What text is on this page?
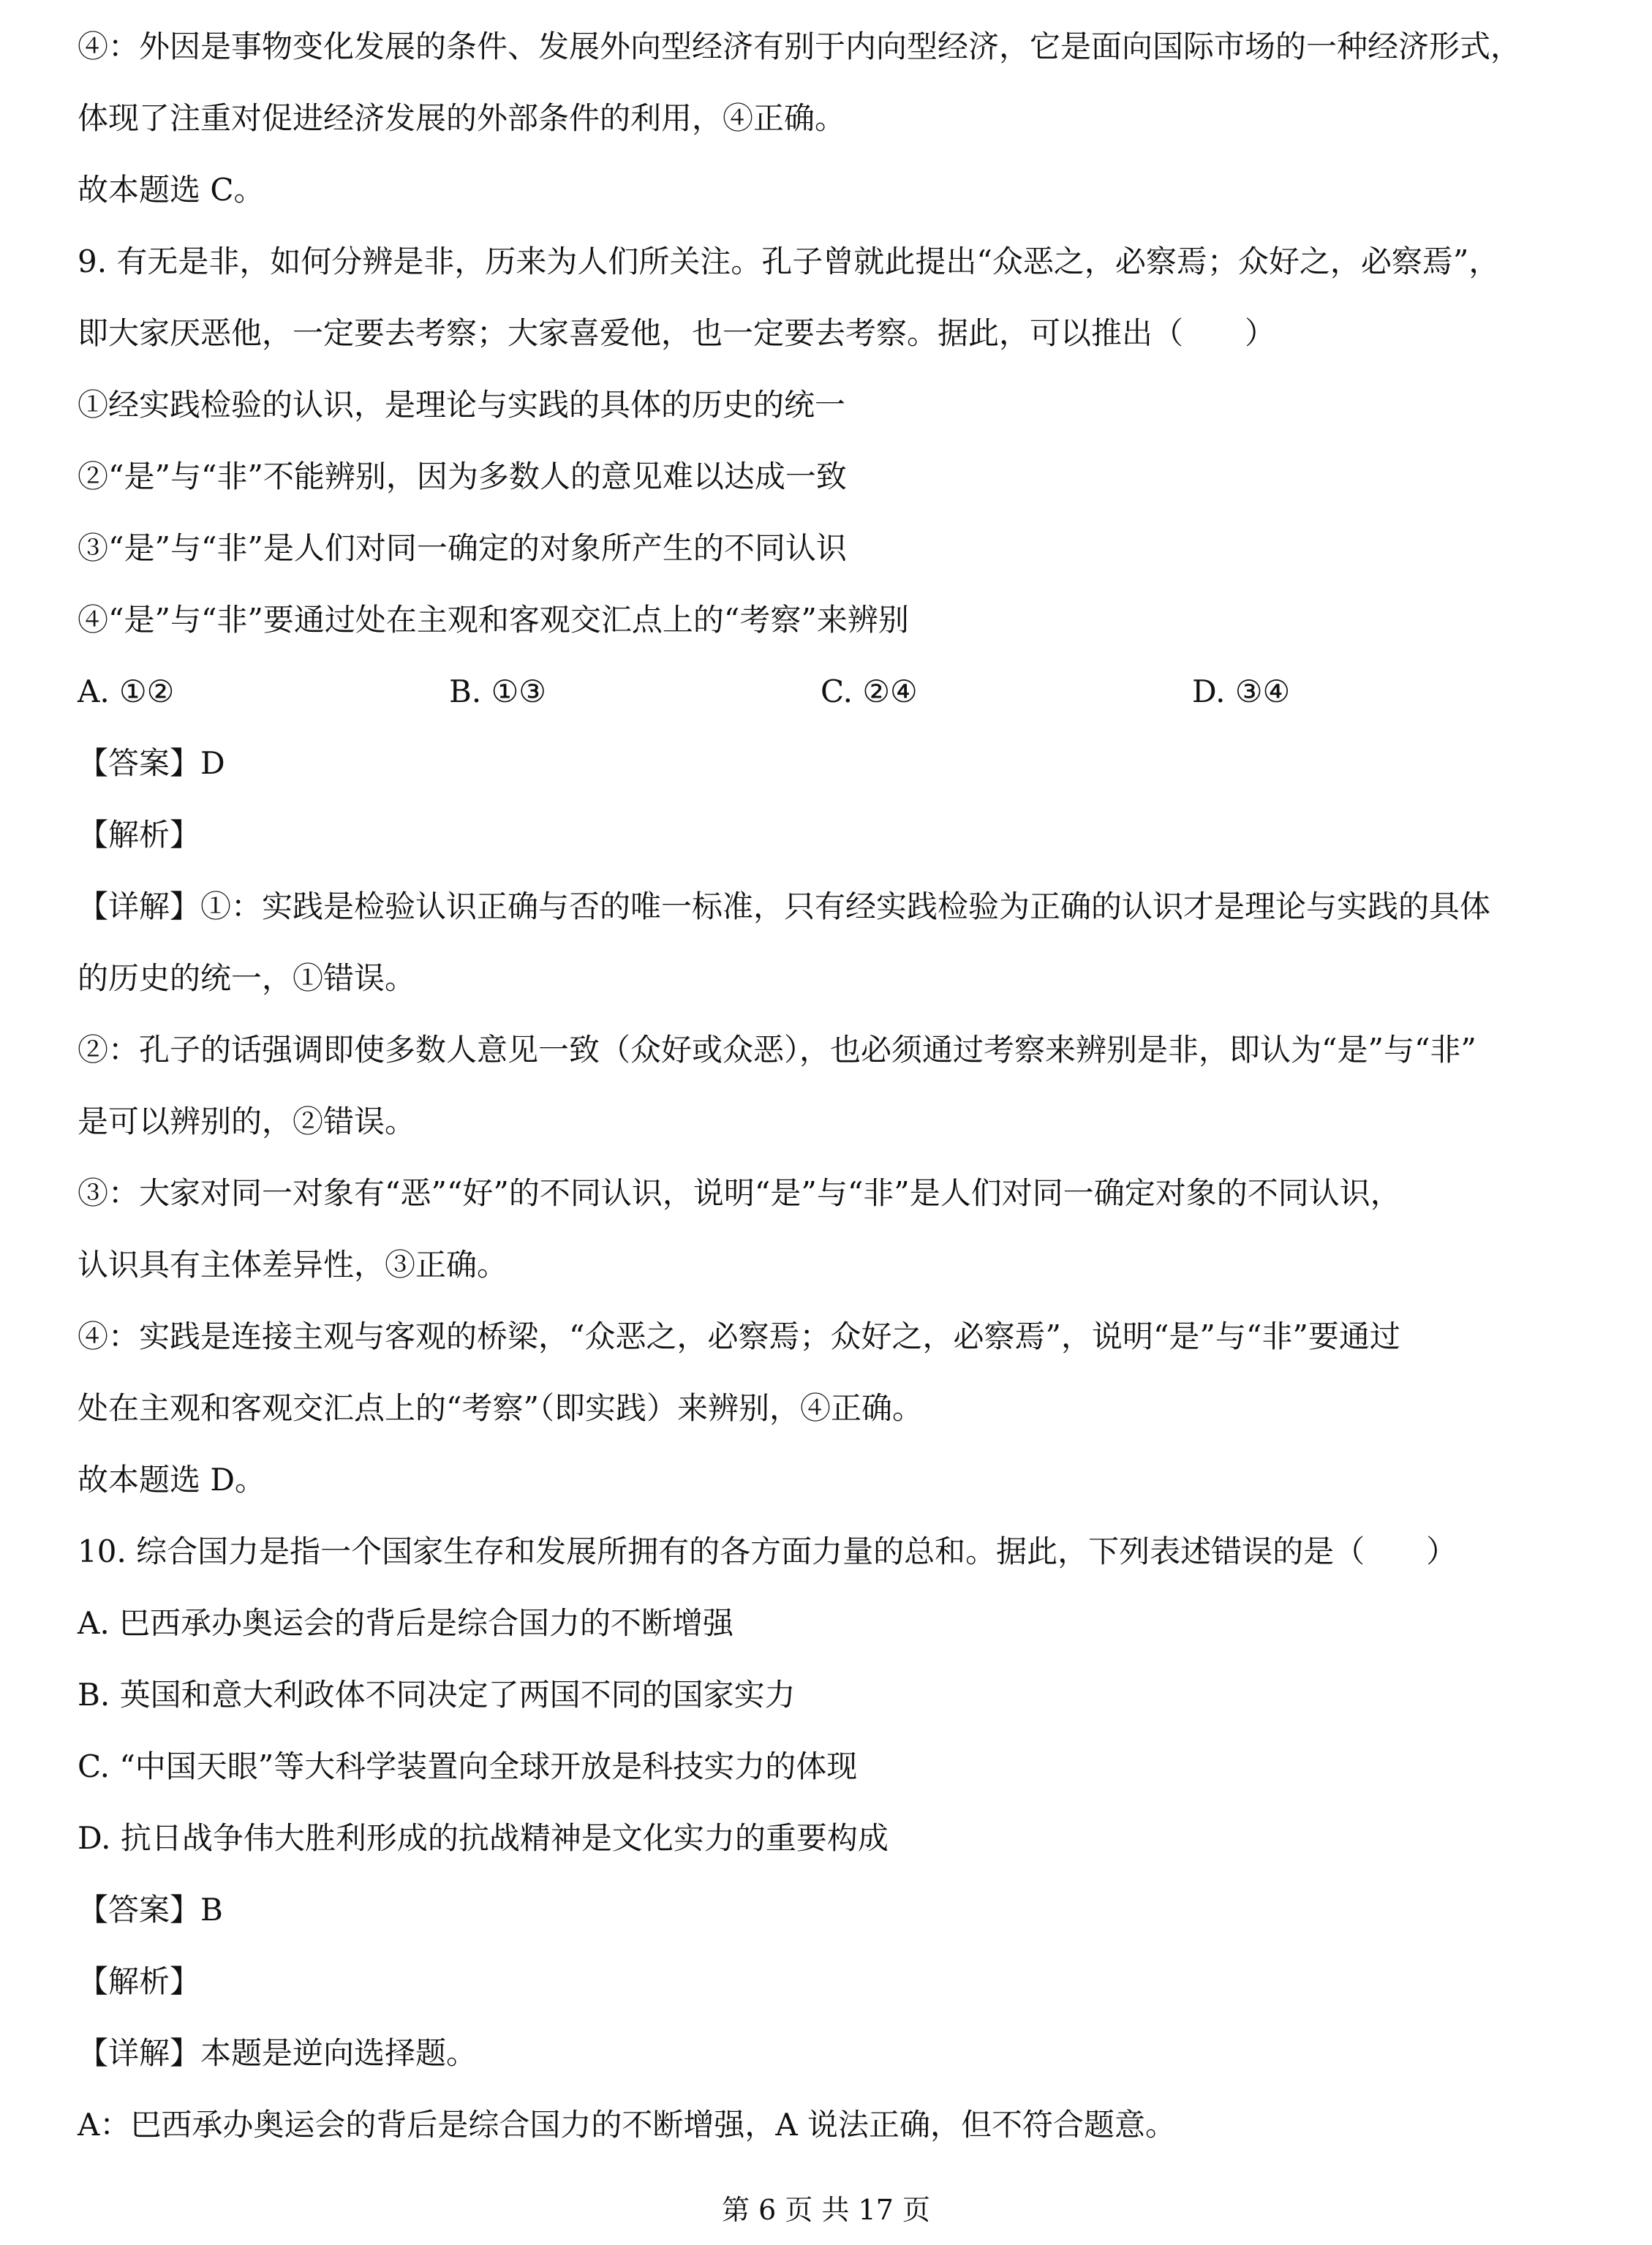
④：外因是事物变化发展的条件、发展外向型经济有别于内向型经济，它是面向国际市场的一种经济形式，
体现了注重对促进经济发展的外部条件的利用，④正确。
故本题选 C。
9. 有无是非，如何分辨是非，历来为人们所关注。孔子曾就此提出“众恶之，必察焉；众好之，必察焉”，
即大家厌恶他，一定要去考察；大家喜爱他，也一定要去考察。据此，可以推出（　　）
①经实践检验的认识，是理论与实践的具体的历史的统一
②“是”与“非”不能辨别，因为多数人的意见难以达成一致
③“是”与“非”是人们对同一确定的对象所产生的不同认识
④“是”与“非”要通过处在主观和客观交汇点上的“考察”来辨别
A. ①②	B. ①③	C. ②④	D. ③④
【答案】D
【解析】
【详解】①：实践是检验认识正确与否的唯一标准，只有经实践检验为正确的认识才是理论与实践的具体
的历史的统一，①错误。
②：孔子的话强调即使多数人意见一致（众好或众恶），也必须通过考察来辨别是非，即认为“是”与“非”
是可以辨别的，②错误。
③：大家对同一对象有“恶”“好”的不同认识，说明“是”与“非”是人们对同一确定对象的不同认识，
认识具有主体差异性，③正确。
④：实践是连接主观与客观的桥梁，“众恶之，必察焉；众好之，必察焉”，说明“是”与“非”要通过
处在主观和客观交汇点上的“考察”（即实践）来辨别，④正确。
故本题选 D。
10. 综合国力是指一个国家生存和发展所拥有的各方面力量的总和。据此，下列表述错误的是（　　）
A. 巴西承办奥运会的背后是综合国力的不断增强
B. 英国和意大利政体不同决定了两国不同的国家实力
C. “中国天眼”等大科学装置向全球开放是科技实力的体现
D. 抗日战争伟大胜利形成的抗战精神是文化实力的重要构成
【答案】B
【解析】
【详解】本题是逆向选择题。
A：巴西承办奥运会的背后是综合国力的不断增强，A 说法正确，但不符合题意。
第 6 页 共 17 页
